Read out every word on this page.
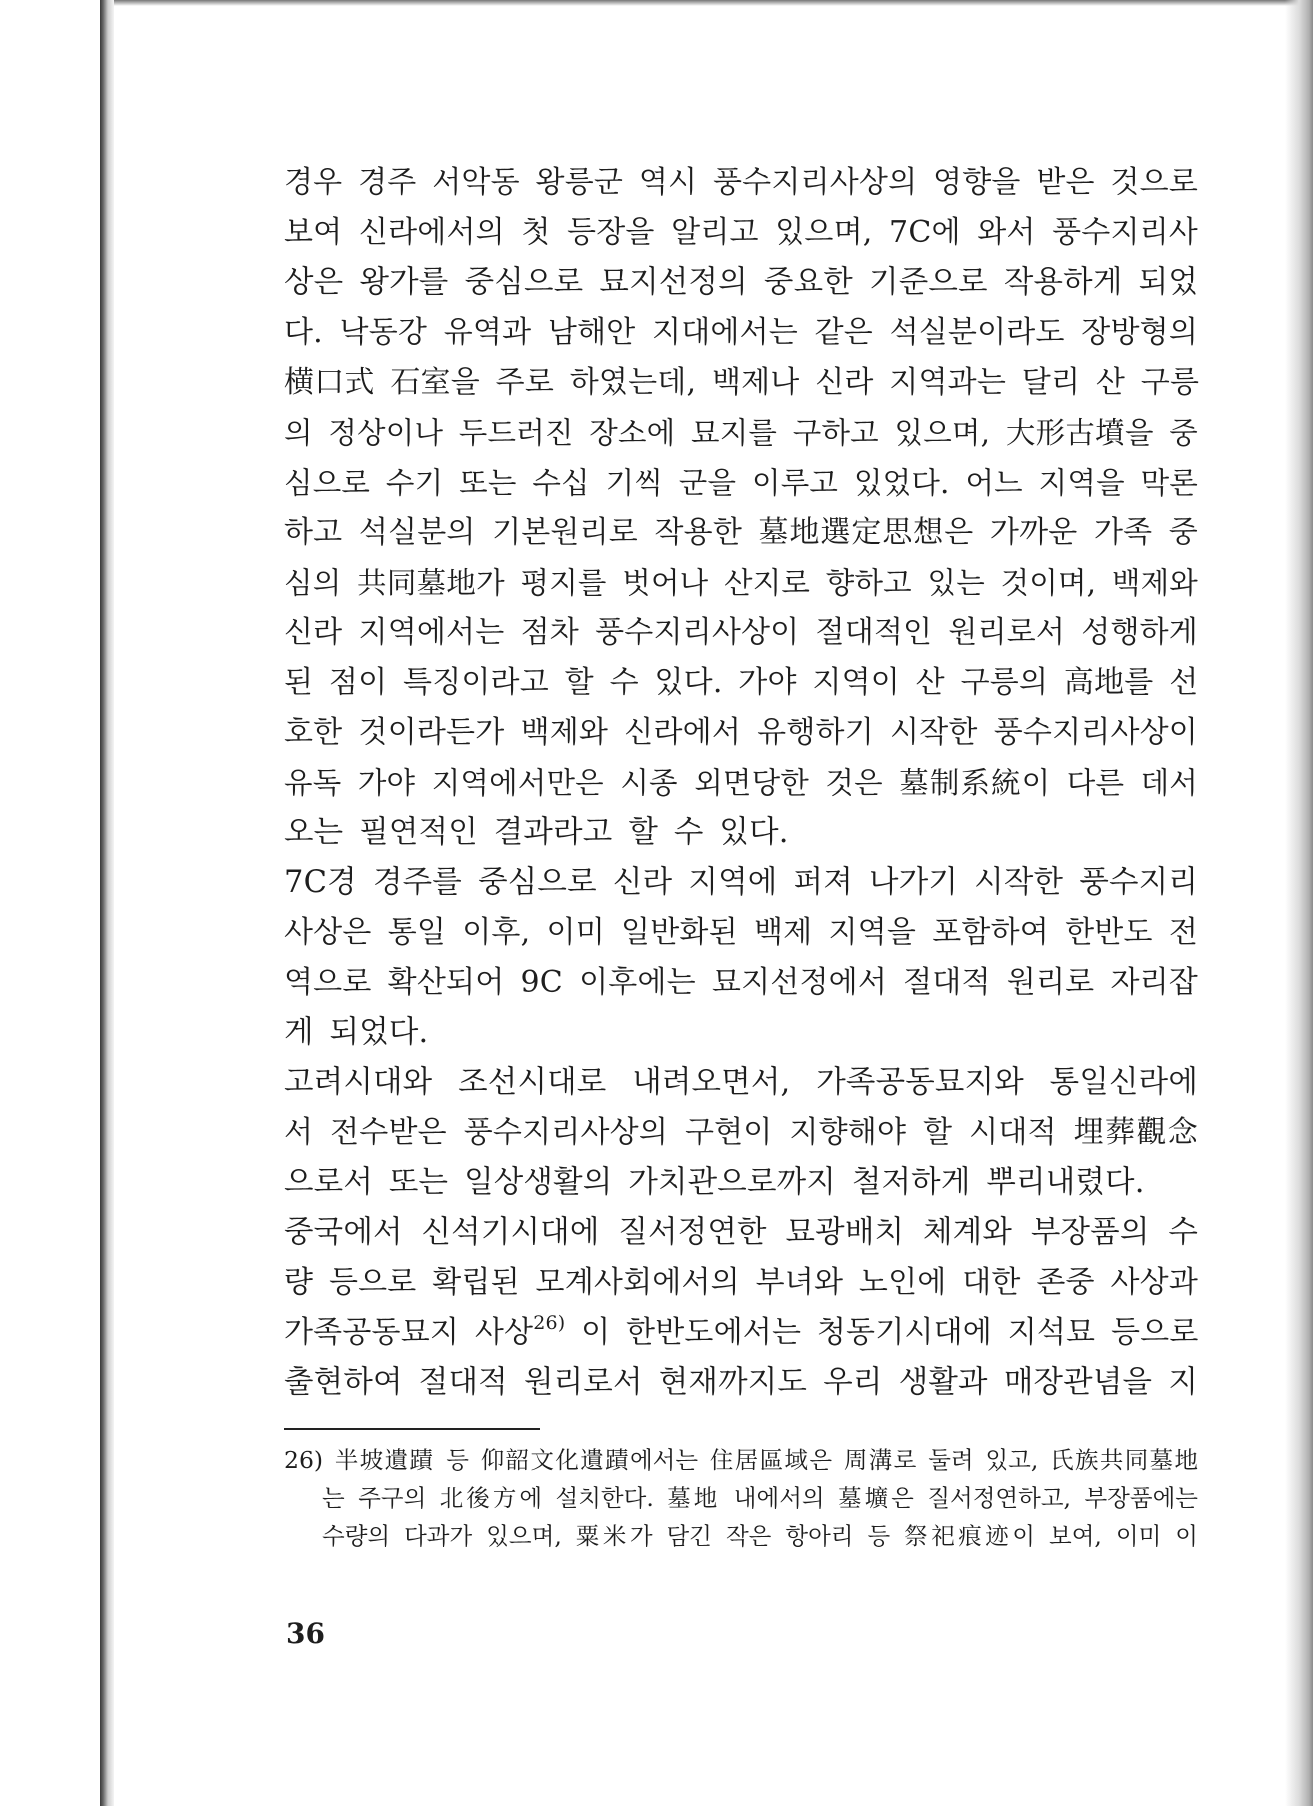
경우 경주 서악동 왕릉군 역시 풍수지리사상의 영향을 받은 것으로
보여 신라에서의 첫 등장을 알리고 있으며, 7C에 와서 풍수지리사
상은 왕가를 중심으로 묘지선정의 중요한 기준으로 작용하게 되었
다. 낙동강 유역과 남해안 지대에서는 같은 석실분이라도 장방형의
横口式 石室을 주로 하였는데, 백제나 신라 지역과는 달리 산 구릉
의 정상이나 두드러진 장소에 묘지를 구하고 있으며, 大形古墳을 중
심으로 수기 또는 수십 기씩 군을 이루고 있었다. 어느 지역을 막론
하고 석실분의 기본원리로 작용한 墓地選定思想은 가까운 가족 중
심의 共同墓地가 평지를 벗어나 산지로 향하고 있는 것이며, 백제와
신라 지역에서는 점차 풍수지리사상이 절대적인 원리로서 성행하게
된 점이 특징이라고 할 수 있다. 가야 지역이 산 구릉의 高地를 선
호한 것이라든가 백제와 신라에서 유행하기 시작한 풍수지리사상이
유독 가야 지역에서만은 시종 외면당한 것은 墓制系統이 다른 데서
오는 필연적인 결과라고 할 수 있다.
7C경 경주를 중심으로 신라 지역에 퍼져 나가기 시작한 풍수지리
사상은 통일 이후, 이미 일반화된 백제 지역을 포함하여 한반도 전
역으로 확산되어 9C 이후에는 묘지선정에서 절대적 원리로 자리잡
게 되었다.
고려시대와 조선시대로 내려오면서, 가족공동묘지와 통일신라에
서 전수받은 풍수지리사상의 구현이 지향해야 할 시대적 埋葬觀念
으로서 또는 일상생활의 가치관으로까지 철저하게 뿌리내렸다.
중국에서 신석기시대에 질서정연한 묘광배치 체계와 부장품의 수
량 등으로 확립된 모계사회에서의 부녀와 노인에 대한 존중 사상과
가족공동묘지 사상$^{26)}$ 이 한반도에서는 청동기시대에 지석묘 등으로
출현하여 절대적 원리로서 현재까지도 우리 생활과 매장관념을 지
26) 半坡遺蹟 등 仰韶文化遺蹟에서는 住居區域은 周溝로 둘려 있고, 氏族共同墓地
는 주구의 北後方에 설치한다. 墓地 내에서의 墓壙은 질서정연하고, 부장품에는
수량의 다과가 있으며, 粟米가 담긴 작은 항아리 등 祭祀痕迹이 보여, 이미 이
36
